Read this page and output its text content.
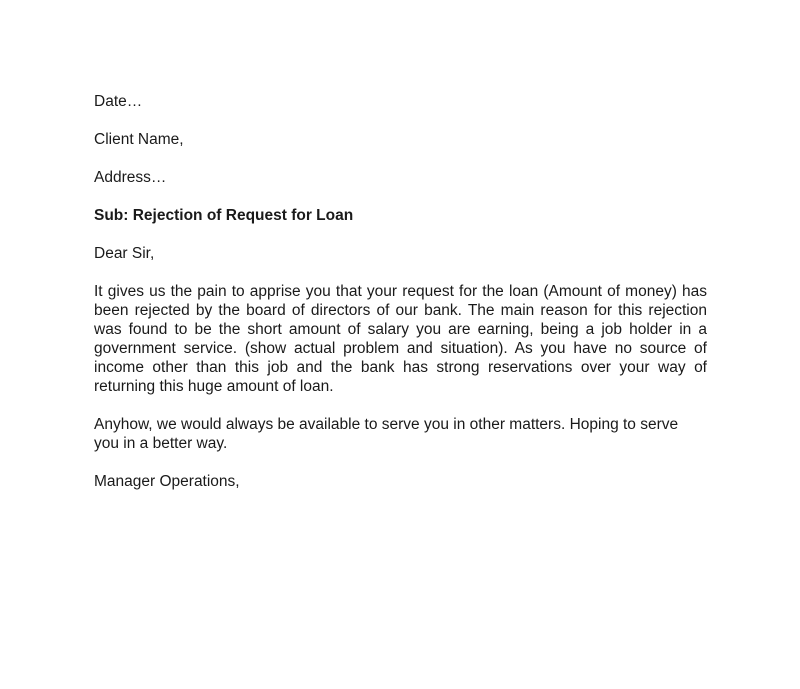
Date…

Client Name,

Address…

Sub: Rejection of Request for Loan

Dear Sir,

It gives us the pain to apprise you that your request for the loan (Amount of money) has been rejected by the board of directors of our bank. The main reason for this rejection was found to be the short amount of salary you are earning, being a job holder in a government service. (show actual problem and situation). As you have no source of income other than this job and the bank has strong reservations over your way of returning this huge amount of loan.

Anyhow, we would always be available to serve you in other matters. Hoping to serve you in a better way.

Manager Operations,
